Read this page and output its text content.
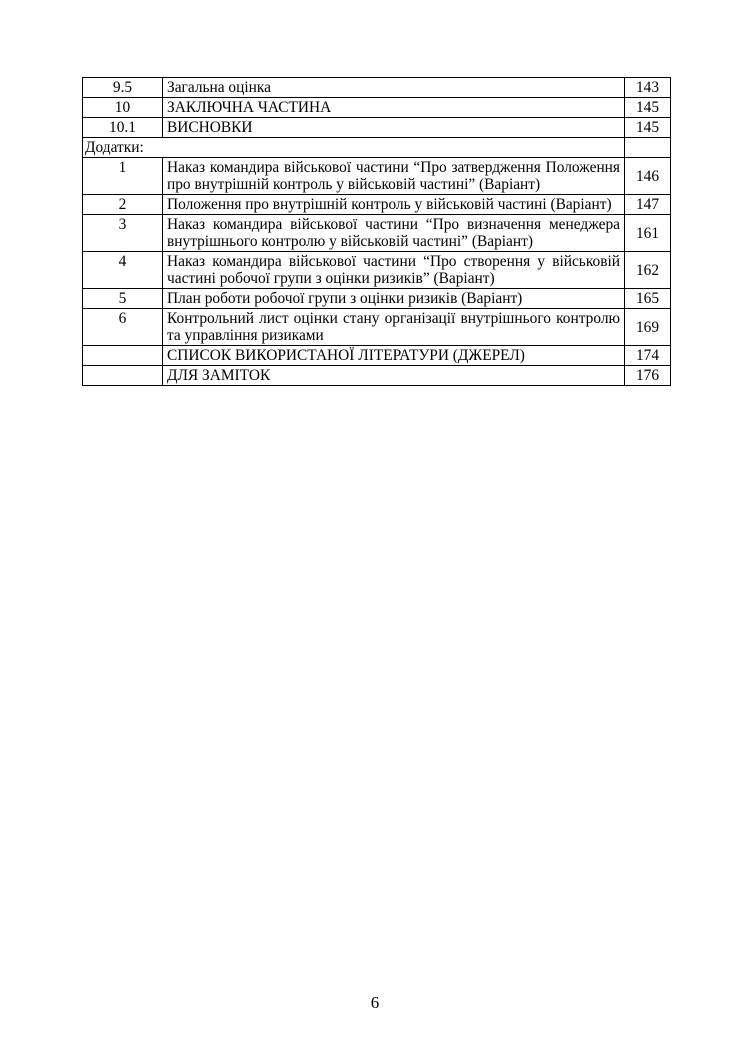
9.5	Загальна оцінка	143
10	ЗАКЛЮЧНА ЧАСТИНА	145
10.1	ВИСНОВКИ	145
Додатки:		
1	Наказ командира військової частини “Про затвердження Положення про внутрішній контроль у військовій частині” (Варіант)	146
2	Положення про внутрішній контроль у військовій частині (Варіант)	147
3	Наказ командира військової частини “Про визначення менеджера внутрішнього контролю у військовій частині” (Варіант)	161
4	Наказ командира військової частини “Про створення у військовій частині робочої групи з оцінки ризиків” (Варіант)	162
5	План роботи робочої групи з оцінки ризиків (Варіант)	165
6	Контрольний лист оцінки стану організації внутрішнього контролю та управління ризиками	169
	СПИСОК ВИКОРИСТАНОЇ ЛІТЕРАТУРИ (ДЖЕРЕЛ)	174
	ДЛЯ ЗАМІТОК	176
6
